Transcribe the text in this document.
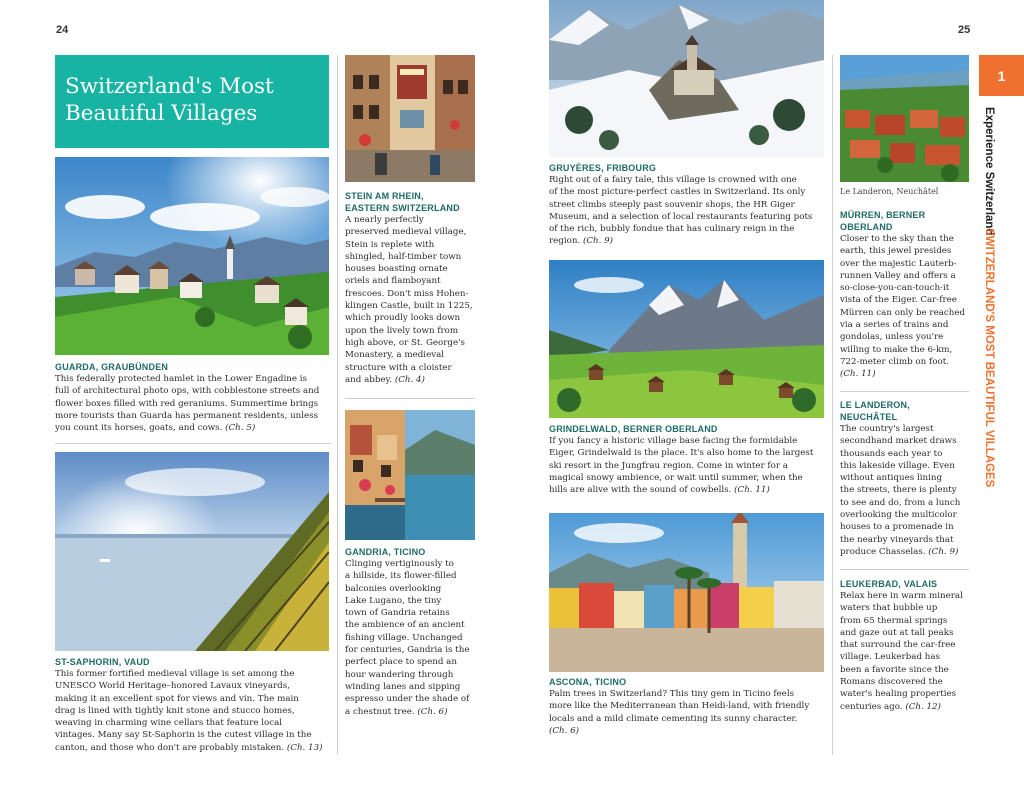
24	25
1
Experience Switzerland
SWITZERLAND'S MOST BEAUTIFUL VILLAGES
Switzerland's Most
Beautiful Villages
GUARDA, GRAUBÜNDEN

This federally protected hamlet in the Lower Engadine is
full of architectural photo ops, with cobblestone streets and
flower boxes filled with red geraniums. Summertime brings
more tourists than Guarda has permanent residents, unless
you count its horses, goats, and cows. (Ch. 5)

ST-SAPHORIN, VAUD

This former fortified medieval village is set among the
UNESCO World Heritage–honored Lavaux vineyards,
making it an excellent spot for views and vin. The main
drag is lined with tightly knit stone and stucco homes,
weaving in charming wine cellars that feature local
vintages. Many say St-Saphorin is the cutest village in the
canton, and those who don't are probably mistaken. (Ch. 13)

STEIN AM RHEIN,
EASTERN SWITZERLAND

A nearly perfectly
preserved medieval village,
Stein is replete with
shingled, half-timber town
houses boasting ornate
oriels and flamboyant
frescoes. Don't miss Hohen-
klingen Castle, built in 1225,
which proudly looks down
upon the lively town from
high above, or St. George's
Monastery, a medieval
structure with a cloister
and abbey. (Ch. 4)

GANDRIA, TICINO

Clinging vertiginously to
a hillside, its flower-filled
balconies overlooking
Lake Lugano, the tiny
town of Gandria retains
the ambience of an ancient
fishing village. Unchanged
for centuries, Gandria is the
perfect place to spend an
hour wandering through
winding lanes and sipping
espresso under the shade of
a chestnut tree. (Ch. 6)

GRUYÈRES, FRIBOURG

Right out of a fairy tale, this village is crowned with one
of the most picture-perfect castles in Switzerland. Its only
street climbs steeply past souvenir shops, the HR Giger
Museum, and a selection of local restaurants featuring pots
of the rich, bubbly fondue that has culinary reign in the
region. (Ch. 9)

GRINDELWALD, BERNER OBERLAND

If you fancy a historic village base facing the formidable
Eiger, Grindelwald is the place. It's also home to the largest
ski resort in the Jungfrau region. Come in winter for a
magical snowy ambience, or wait until summer, when the
hills are alive with the sound of cowbells. (Ch. 11)

ASCONA, TICINO

Palm trees in Switzerland? This tiny gem in Ticino feels
more like the Mediterranean than Heidi-land, with friendly
locals and a mild climate cementing its sunny character.
(Ch. 6)

Le Landeron, Neuchâtel
MÜRREN, BERNER
OBERLAND

Closer to the sky than the
earth, this jewel presides
over the majestic Lauterb-
runnen Valley and offers a
so-close-you-can-touch-it
vista of the Eiger. Car-free
Mürren can only be reached
via a series of trains and
gondolas, unless you're
willing to make the 6-km,
722-meter climb on foot.
(Ch. 11)

LE LANDERON,
NEUCHÂTEL

The country's largest
secondhand market draws
thousands each year to
this lakeside village. Even
without antiques lining
the streets, there is plenty
to see and do, from a lunch
overlooking the multicolor
houses to a promenade in
the nearby vineyards that
produce Chasselas. (Ch. 9)

LEUKERBAD, VALAIS

Relax here in warm mineral
waters that bubble up
from 65 thermal springs
and gaze out at tall peaks
that surround the car-free
village. Leukerbad has
been a favorite since the
Romans discovered the
water's healing properties
centuries ago. (Ch. 12)
